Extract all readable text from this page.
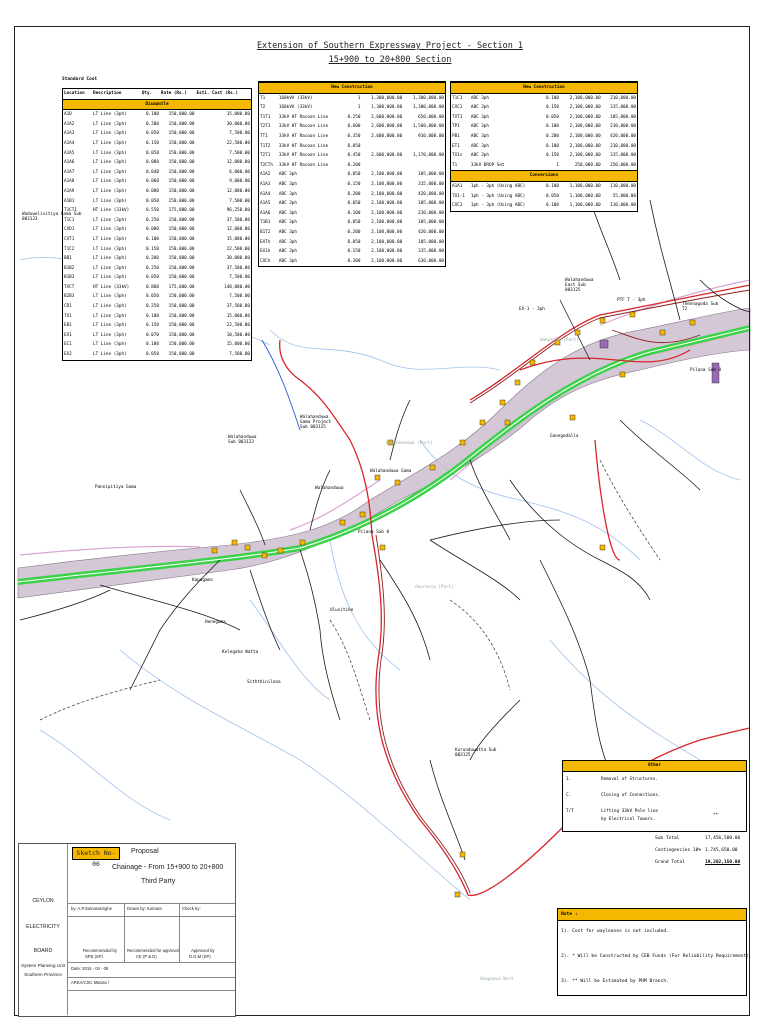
Extension of Southern Expressway Project - Section 1
15+900 to 20+800 Section
Standard Cost
Location	Description	Qty.	Rate (Rs.)	Esti. Cost (Rs.)
Dismantle				
A1D	LT Line (3ph)	0.100	150,000.00	15,000.00
A1A2	LT Line (3ph)	0.200	150,000.00	30,000.00
A1A3	LT Line (3ph)	0.050	150,000.00	7,500.00
A1A4	LT Line (3ph)	0.150	150,000.00	22,500.00
A1A5	LT Line (3ph)	0.050	150,000.00	7,500.00
A1A6	LT Line (3ph)	0.080	150,000.00	12,000.00
A1A7	LT Line (3ph)	0.040	150,000.00	6,000.00
A1A8	LT Line (3ph)	0.060	150,000.00	9,000.00
A1A9	LT Line (3ph)	0.080	150,000.00	12,000.00
A1B1	LT Line (3ph)	0.050	150,000.00	7,500.00
T1CT1	HT Line (33kV)	0.550	175,000.00	96,250.00
T1C1	LT Line (3ph)	0.250	150,000.00	37,500.00
CXD1	LT Line (3ph)	0.080	150,000.00	12,000.00
CXT1	LT Line (3ph)	0.100	150,000.00	15,000.00
T1C2	LT Line (3ph)	0.150	150,000.00	22,500.00
BB1	LT Line (3ph)	0.200	150,000.00	30,000.00
B1B2	LT Line (3ph)	0.250	150,000.00	37,500.00
B1B3	LT Line (3ph)	0.050	150,000.00	7,500.00
TXCT	HT Line (33kV)	0.800	175,000.00	140,000.00
B2B3	LT Line (3ph)	0.050	150,000.00	7,500.00
CD1	LT Line (3ph)	0.250	150,000.00	37,500.00
TX1	LT Line (3ph)	0.100	150,000.00	15,000.00
EB1	LT Line (3ph)	0.150	150,000.00	22,500.00
EX1	LT Line (3ph)	0.070	150,000.00	10,500.00
EC1	LT Line (3ph)	0.100	150,000.00	15,000.00
EX2	LT Line (3ph)	0.050	150,000.00	7,500.00
New Construction				
T1	160kVA (33kV)	1	1,300,000.00	1,300,000.00
T2	160kVA (33kV)	1	1,300,000.00	1,300,000.00
T1T1	33kV HT Racoon Line	0.250	2,600,000.00	650,000.00
T2T3	33kV HT Racoon Line	0.600	2,600,000.00	1,560,000.00
TT1	33kV HT Racoon Line	0.350	2,600,000.00	910,000.00
T1T2	33kV HT Racoon Line	0.050		
T2T1	33kV HT Racoon Line	0.450	2,600,000.00	1,170,000.00
T2CTh	33kV HT Racoon Line	0.200		
A1A2	ABC 3ph	0.050	2,100,000.00	105,000.00
A1A3	ABC 3ph	0.150	2,100,000.00	315,000.00
A1A4	ABC 3ph	0.200	2,100,000.00	420,000.00
A1A5	ABC 3ph	0.050	2,100,000.00	105,000.00
A1A6	ABC 3ph	0.100	2,100,000.00	210,000.00
T1B1	ABC 3ph	0.050	2,100,000.00	105,000.00
B1T2	ABC 3ph	0.200	2,100,000.00	420,000.00
EXTh	ABC 3ph	0.050	2,100,000.00	105,000.00
EX1h	ABC 3ph	0.150	2,100,000.00	315,000.00
CXCh	ABC 3ph	0.300	2,100,000.00	630,000.00
New Construction				
T1C1	ABC 3ph	0.100	2,100,000.00	210,000.00
CXC1	ABC 3ph	0.150	2,100,000.00	315,000.00
TXT1	ABC 3ph	0.050	2,100,000.00	105,000.00
TP1	ABC 3ph	0.100	2,100,000.00	210,000.00
PB1	ABC 3ph	0.200	2,100,000.00	420,000.00
ET1	ABC 3ph	0.100	2,100,000.00	210,000.00
TX1c	ABC 3ph	0.150	2,100,000.00	315,000.00
T1	33kV DROP Set	1	250,000.00	250,000.00
Conversions				
A1A1	1ph - 3ph (Using ABC)	0.100	1,100,000.00	110,000.00
TX1-1	1ph - 3ph (Using ABC)	0.050	1,100,000.00	55,000.00
CXC1	1ph - 3ph (Using ABC)	0.100	1,100,000.00	110,000.00
Waduwelivitiya Gama Sub 003123
Pannipitiya Gama
Walahanduwa Sub 003123
Walahanduwa Gama Project Sub 003125
Walahanduwa Gama
Walahanduwa
Walahanduwa East Sub 003125
Ganegodalla
Pilana Sub 0
Pilana Sub 0
Walahanduwa (Part)
Wakwella (Part)
Akuressa (Part)
Uluvitike
Henegama
Kelegaha Watta
Siththinilana
Kapugama
Thennagoda Sub T2
PTF T - 3ph
EX-1 - 3ph
Kurunduwatta Sub 003125
Unagauwa West
Other
1.	Removal of Structures.
C.	Closing of Connections.
T/T	Lifting 33kV Pole line
by Electrical Towers.
**
Sub Total	17,456,500.00
Contingencies 10% 1,745,650.00
Grand Total	19,202,150.00
Note :
1). Cost for wayleaves is not included.
2). * Will be Constructed by CEB Funds (For Reliability Requirement)
3). ** Will be Estimated by PHM Branch.
CEYLON
ELECTRICITY
BOARD
System Planning Unit
Southern Province
Sketch No-06
Proposal
Chainage - From 15+900 to 20+800
Third Party
by: A.P.Samarasinghe	Drawn by: Kumara	Check by:
Recommended by
SPE (SP)
Recommended for approval
CE (P & D)
Approved by
D.G.M (SP)
Date: 2016 - 04 - 06
AREA/CSC Matara /
